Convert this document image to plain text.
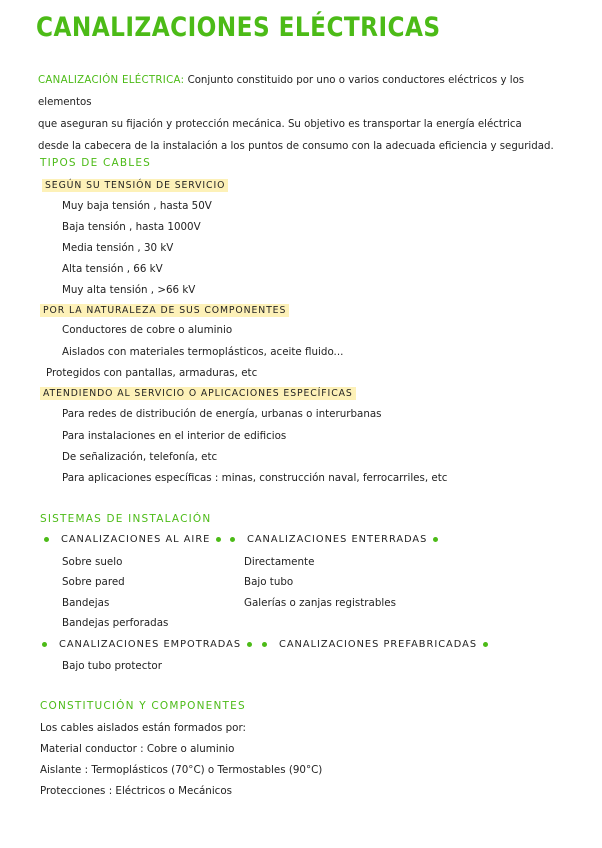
CANALIZACIONES ELÉCTRICAS
CANALIZACIÓN ELÉCTRICA: Conjunto constituido por uno o varios conductores eléctricos y los elementos
que aseguran su fijación y protección mecánica. Su objetivo es transportar la energía eléctrica
desde la cabecera de la instalación a los puntos de consumo con la adecuada eficiencia y seguridad.
TIPOS DE CABLES
SEGÚN SU TENSIÓN DE SERVICIO
Muy baja tensión , hasta 50V
Baja tensión , hasta 1000V
Media tensión , 30 kV
Alta tensión , 66 kV
Muy alta tensión , >66 kV
POR LA NATURALEZA DE SUS COMPONENTES
Conductores de cobre o aluminio
Aislados con materiales termoplásticos, aceite fluido...
Protegidos con pantallas, armaduras, etc
ATENDIENDO AL SERVICIO O APLICACIONES ESPECÍFICAS
Para redes de distribución de energía, urbanas o interurbanas
Para instalaciones en el interior de edificios
De señalización, telefonía, etc
Para aplicaciones específicas : minas, construcción naval, ferrocarriles, etc
SISTEMAS DE INSTALACIÓN
CANALIZACIONES AL AIRE
Sobre suelo
Sobre pared
Bandejas
Bandejas perforadas
CANALIZACIONES ENTERRADAS
Directamente
Bajo tubo
Galerías o zanjas registrables
CANALIZACIONES EMPOTRADAS
Bajo tubo protector
CANALIZACIONES PREFABRICADAS
CONSTITUCIÓN Y COMPONENTES
Los cables aislados están formados por:
Material conductor : Cobre o aluminio
Aislante : Termoplásticos (70°C) o Termostables (90°C)
Protecciones : Eléctricos o Mecánicos
